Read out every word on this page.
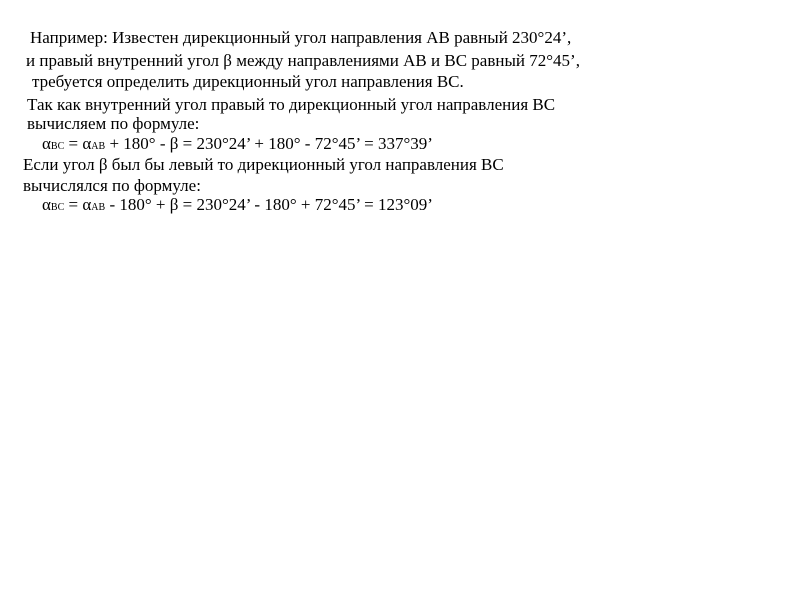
Например: Известен дирекционный угол направления АВ равный 230°24’,
и правый внутренний угол β между направлениями АВ и ВС равный 72°45’,
требуется определить дирекционный угол направления ВС.
Так как внутренний угол правый то дирекционный угол направления ВС
вычисляем по формуле:
αBC = αAB + 180° - β = 230°24’ + 180° - 72°45’ = 337°39’
Если угол β был бы левый то дирекционный угол направления ВС
вычислялся по формуле:
αBC = αAB - 180° + β = 230°24’ - 180° + 72°45’ = 123°09’
